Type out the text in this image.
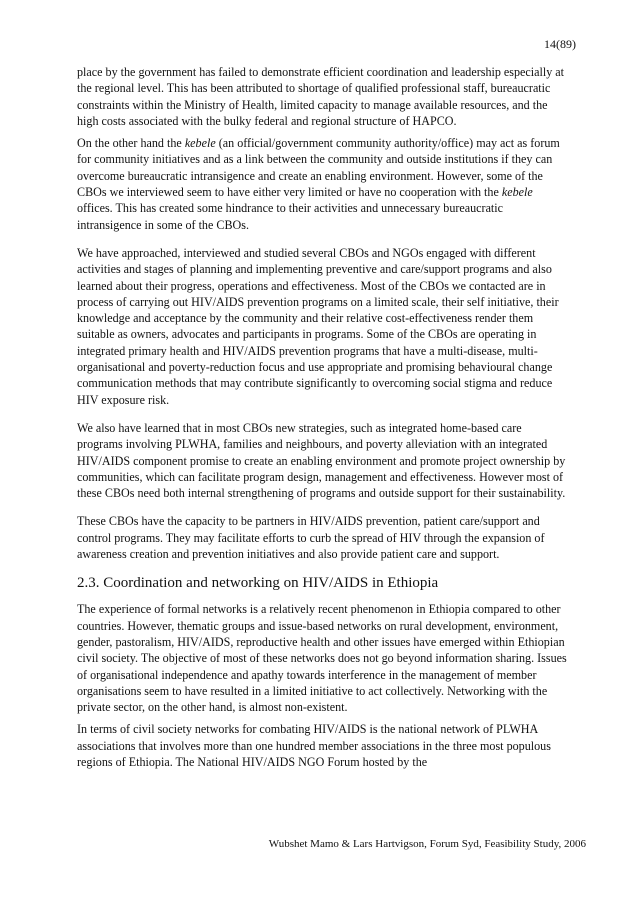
14(89)

place by the government has failed to demonstrate efficient coordination and leadership especially at the regional level. This has been attributed to shortage of qualified professional staff, bureaucratic constraints within the Ministry of Health, limited capacity to manage available resources, and the high costs associated with the bulky federal and regional structure of HAPCO.

On the other hand the kebele (an official/government community authority/office) may act as forum for community initiatives and as a link between the community and outside institutions if they can overcome bureaucratic intransigence and create an enabling environment. However, some of the CBOs we interviewed seem to have either very limited or have no cooperation with the kebele offices. This has created some hindrance to their activities and unnecessary bureaucratic intransigence in some of the CBOs.

We have approached, interviewed and studied several CBOs and NGOs engaged with different activities and stages of planning and implementing preventive and care/support programs and also learned about their progress, operations and effectiveness. Most of the CBOs we contacted are in process of carrying out HIV/AIDS prevention programs on a limited scale, their self initiative, their knowledge and acceptance by the community and their relative cost-effectiveness render them suitable as owners, advocates and participants in programs. Some of the CBOs are operating in integrated primary health and HIV/AIDS prevention programs that have a multi-disease, multi-organisational and poverty-reduction focus and use appropriate and promising behavioural change communication methods that may contribute significantly to overcoming social stigma and reduce HIV exposure risk.

We also have learned that in most CBOs new strategies, such as integrated home-based care programs involving PLWHA, families and neighbours, and poverty alleviation with an integrated HIV/AIDS component promise to create an enabling environment and promote project ownership by communities, which can facilitate program design, management and effectiveness. However most of these CBOs need both internal strengthening of programs and outside support for their sustainability.

These CBOs have the capacity to be partners in HIV/AIDS prevention, patient care/support and control programs. They may facilitate efforts to curb the spread of HIV through the expansion of awareness creation and prevention initiatives and also provide patient care and support.

2.3. Coordination and networking on HIV/AIDS in Ethiopia

The experience of formal networks is a relatively recent phenomenon in Ethiopia compared to other countries. However, thematic groups and issue-based networks on rural development, environment, gender, pastoralism, HIV/AIDS, reproductive health and other issues have emerged within Ethiopian civil society. The objective of most of these networks does not go beyond information sharing. Issues of organisational independence and apathy towards interference in the management of member organisations seem to have resulted in a limited initiative to act collectively. Networking with the private sector, on the other hand, is almost non-existent.

In terms of civil society networks for combating HIV/AIDS is the national network of PLWHA associations that involves more than one hundred member associations in the three most populous regions of Ethiopia. The National HIV/AIDS NGO Forum hosted by the

Wubshet Mamo & Lars Hartvigson, Forum Syd, Feasibility Study, 2006
